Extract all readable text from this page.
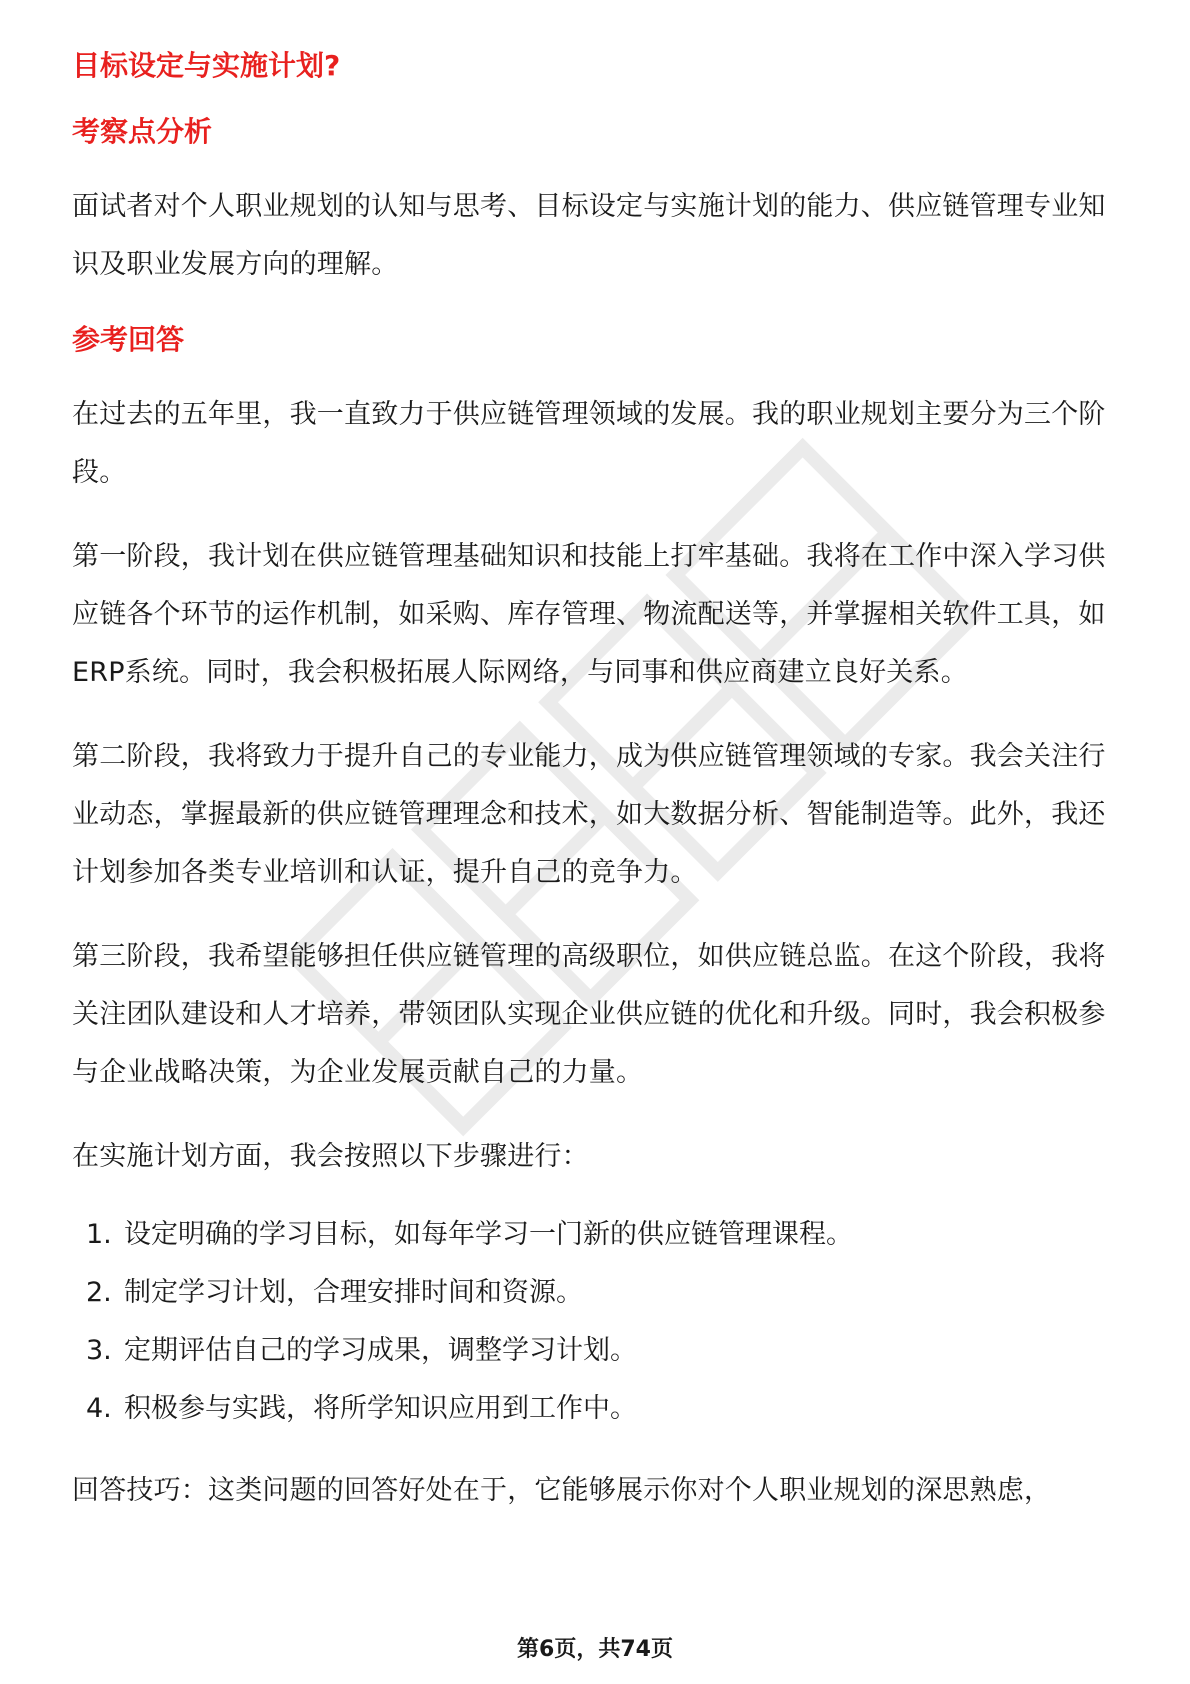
目标设定与实施计划?
考察点分析
面试者对个人职业规划的认知与思考、目标设定与实施计划的能力、供应链管理专业知识及职业发展方向的理解。
参考回答
在过去的五年里，我一直致力于供应链管理领域的发展。我的职业规划主要分为三个阶段。
第一阶段，我计划在供应链管理基础知识和技能上打牢基础。我将在工作中深入学习供应链各个环节的运作机制，如采购、库存管理、物流配送等，并掌握相关软件工具，如ERP系统。同时，我会积极拓展人际网络，与同事和供应商建立良好关系。
第二阶段，我将致力于提升自己的专业能力，成为供应链管理领域的专家。我会关注行业动态，掌握最新的供应链管理理念和技术，如大数据分析、智能制造等。此外，我还计划参加各类专业培训和认证，提升自己的竞争力。
第三阶段，我希望能够担任供应链管理的高级职位，如供应链总监。在这个阶段，我将关注团队建设和人才培养，带领团队实现企业供应链的优化和升级。同时，我会积极参与企业战略决策，为企业发展贡献自己的力量。
在实施计划方面，我会按照以下步骤进行：
1. 设定明确的学习目标，如每年学习一门新的供应链管理课程。
2. 制定学习计划，合理安排时间和资源。
3. 定期评估自己的学习成果，调整学习计划。
4. 积极参与实践，将所学知识应用到工作中。
回答技巧：这类问题的回答好处在于，它能够展示你对个人职业规划的深思熟虑，
第6页，共74页
